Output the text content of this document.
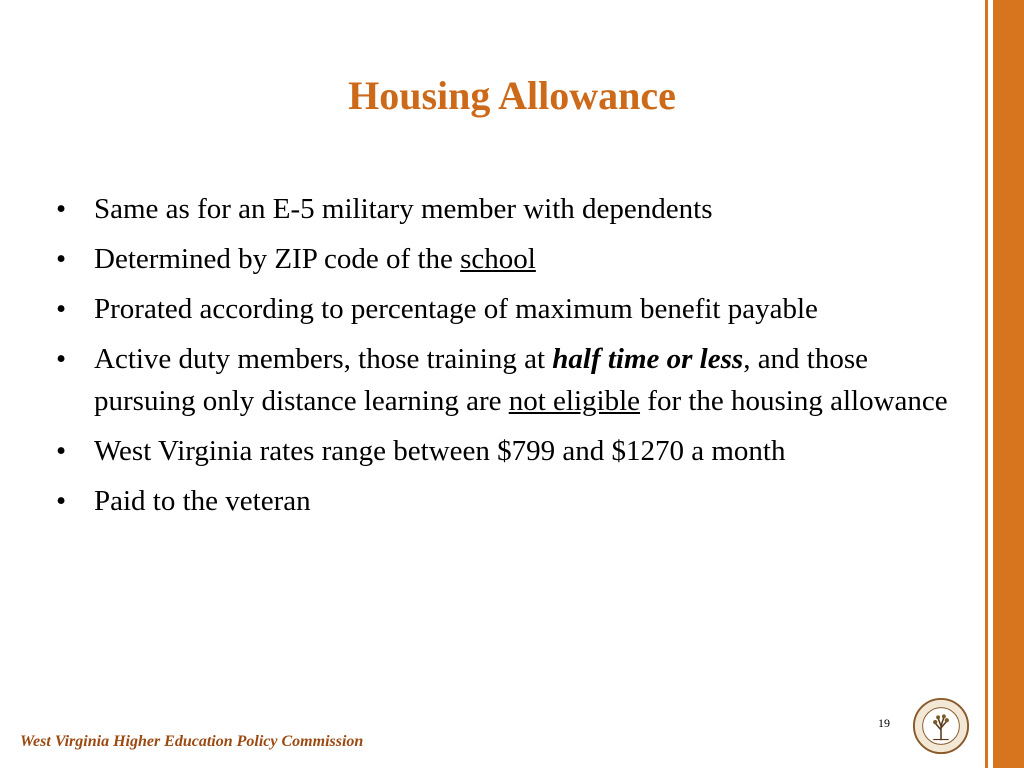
Housing Allowance
• Same as for an E-5 military member with dependents
• Determined by ZIP code of the school
• Prorated according to percentage of maximum benefit payable
• Active duty members, those training at half time or less, and those pursuing only distance learning are not eligible for the housing allowance
• West Virginia rates range between $799 and $1270 a month
• Paid to the veteran
19
West Virginia Higher Education Policy Commission
